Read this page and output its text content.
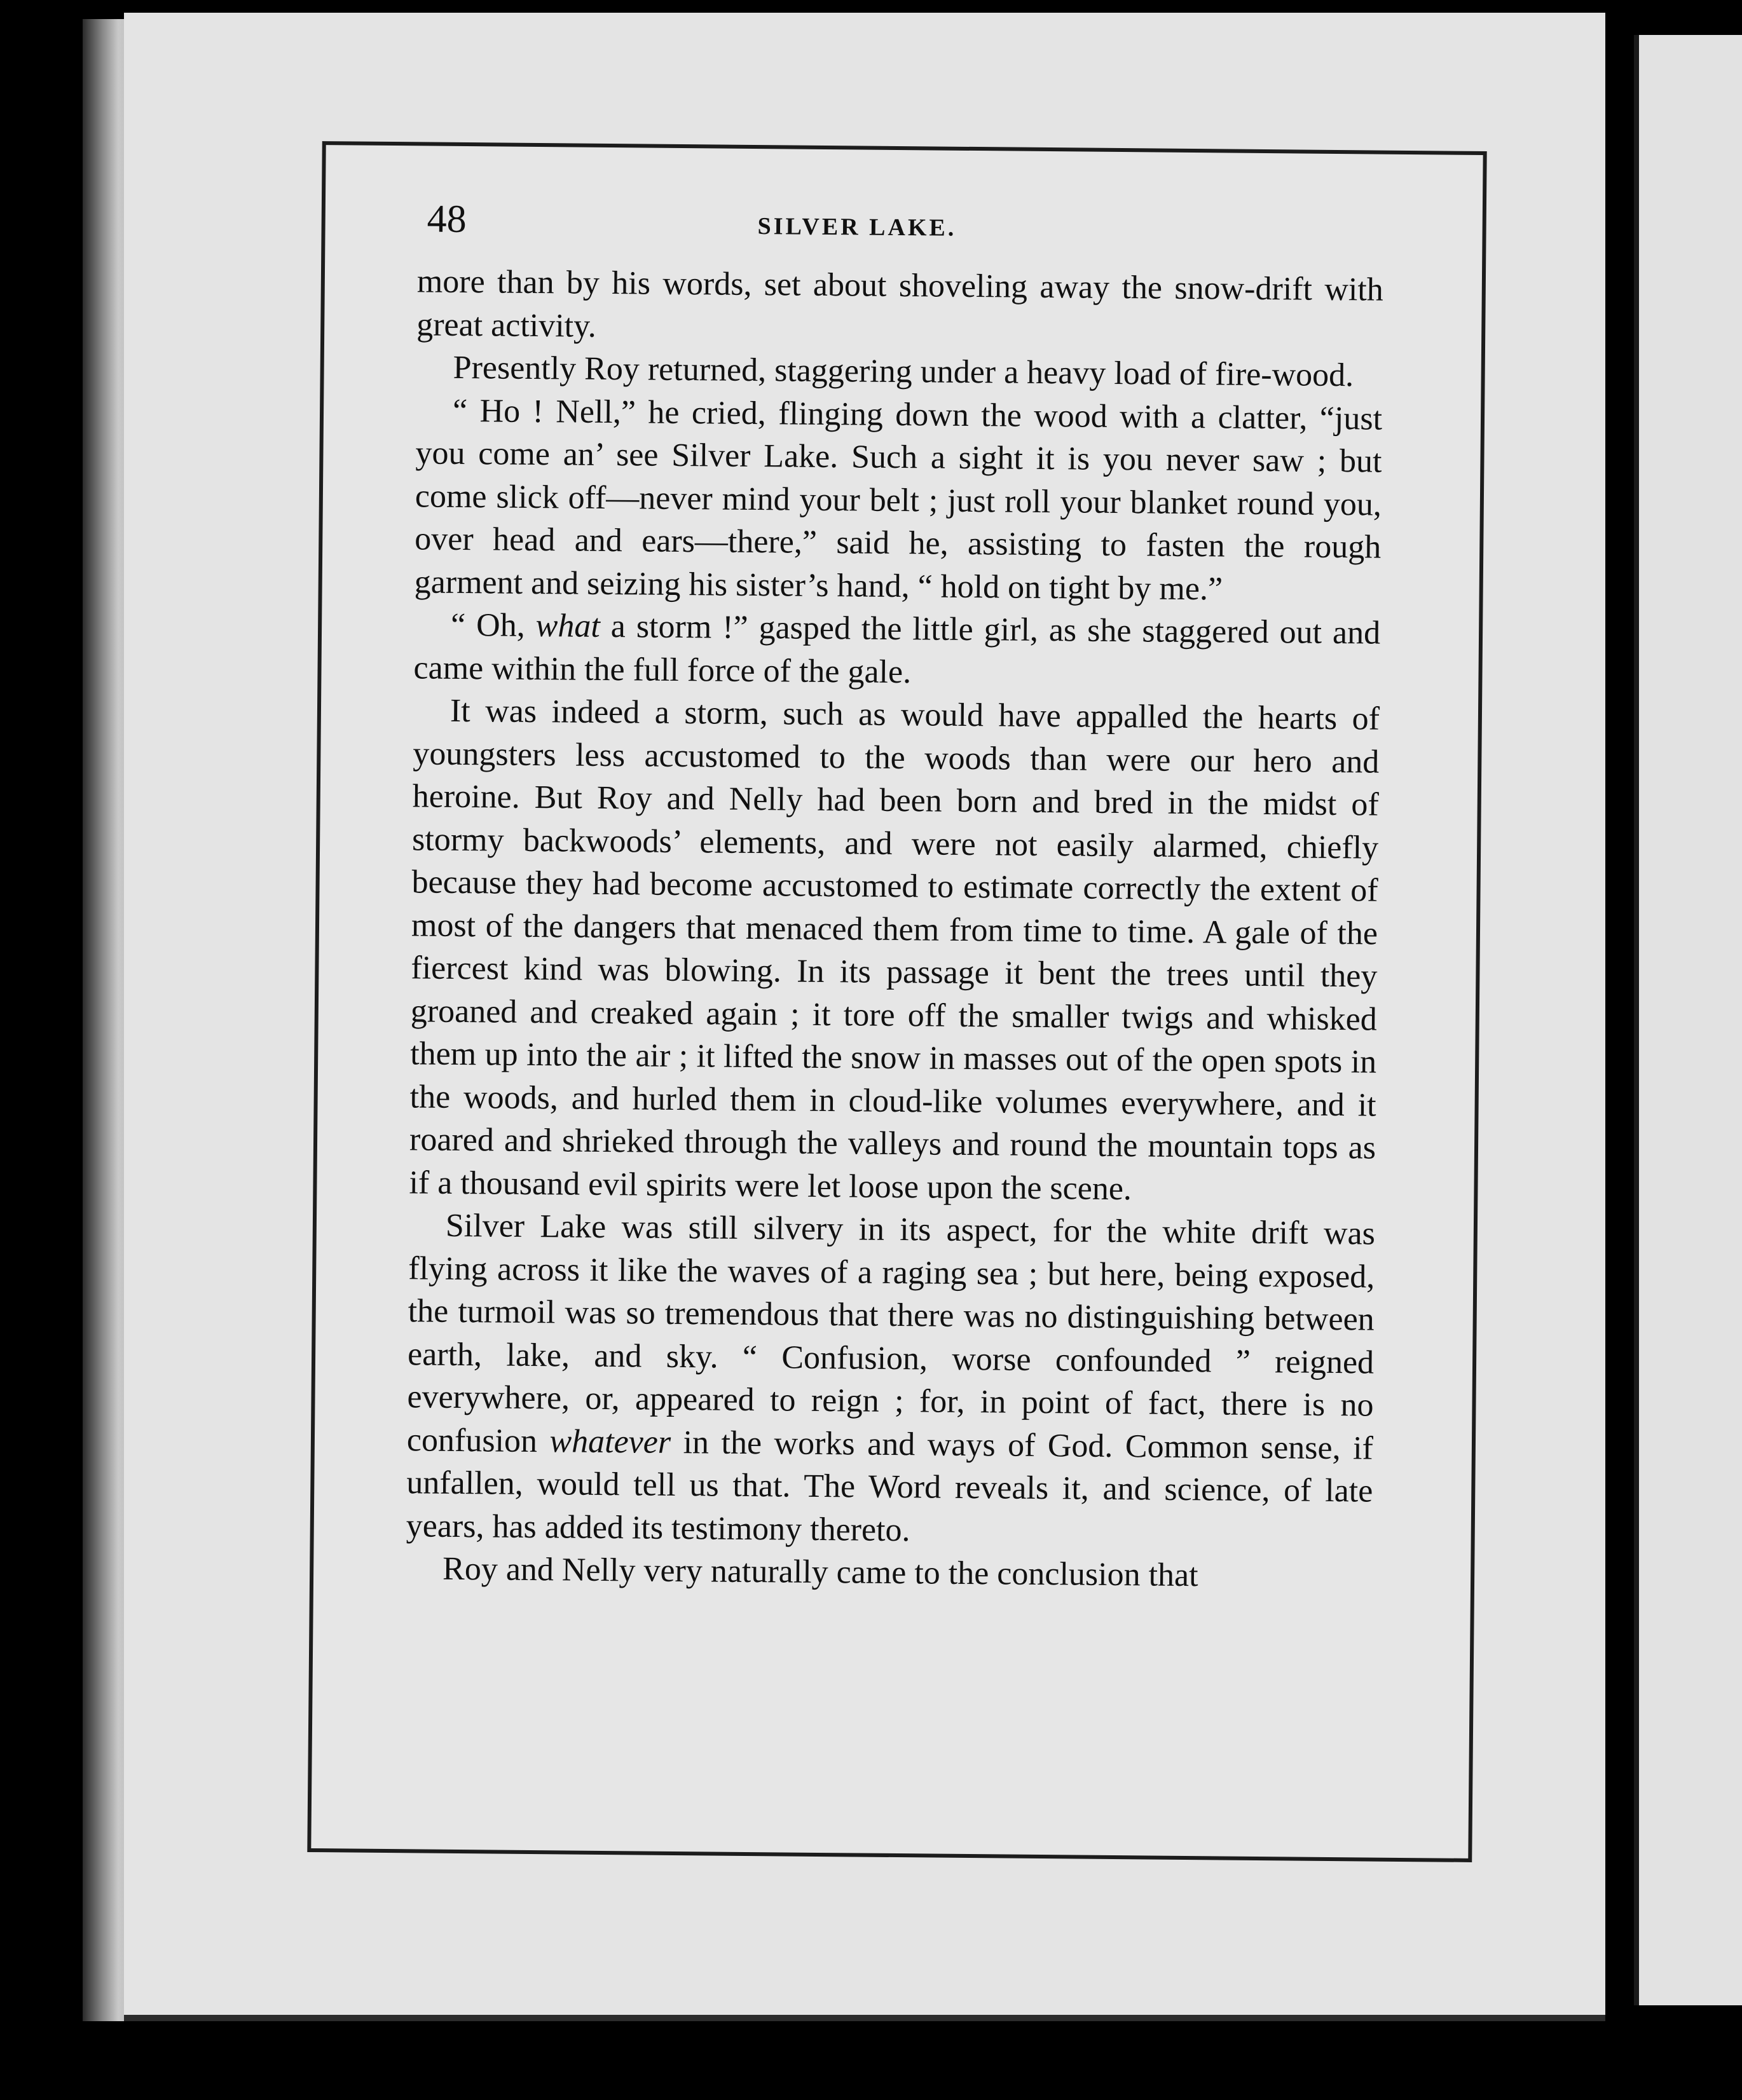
48	SILVER LAKE.

more than by his words, set about shoveling away the snow-drift with great activity.

Presently Roy returned, staggering under a heavy load of fire-wood.

“ Ho ! Nell,” he cried, flinging down the wood with a clatter, “just you come an’ see Silver Lake. Such a sight it is you never saw ; but come slick off—never mind your belt ; just roll your blanket round you, over head and ears—there,” said he, assisting to fasten the rough garment and seizing his sister’s hand, “ hold on tight by me.”

“ Oh, what a storm !” gasped the little girl, as she staggered out and came within the full force of the gale.

It was indeed a storm, such as would have appalled the hearts of youngsters less accustomed to the woods than were our hero and heroine. But Roy and Nelly had been born and bred in the midst of stormy backwoods’ elements, and were not easily alarmed, chiefly because they had become accustomed to estimate correctly the extent of most of the dangers that menaced them from time to time. A gale of the fiercest kind was blowing. In its passage it bent the trees until they groaned and creaked again ; it tore off the smaller twigs and whisked them up into the air ; it lifted the snow in masses out of the open spots in the woods, and hurled them in cloud-like volumes everywhere, and it roared and shrieked through the valleys and round the mountain tops as if a thousand evil spirits were let loose upon the scene.

Silver Lake was still silvery in its aspect, for the white drift was flying across it like the waves of a raging sea ; but here, being exposed, the turmoil was so tremendous that there was no distinguishing between earth, lake, and sky. “ Confusion, worse confounded ” reigned everywhere, or, appeared to reign ; for, in point of fact, there is no confusion whatever in the works and ways of God. Common sense, if unfallen, would tell us that. The Word reveals it, and science, of late years, has added its testimony thereto.

Roy and Nelly very naturally came to the conclusion that
